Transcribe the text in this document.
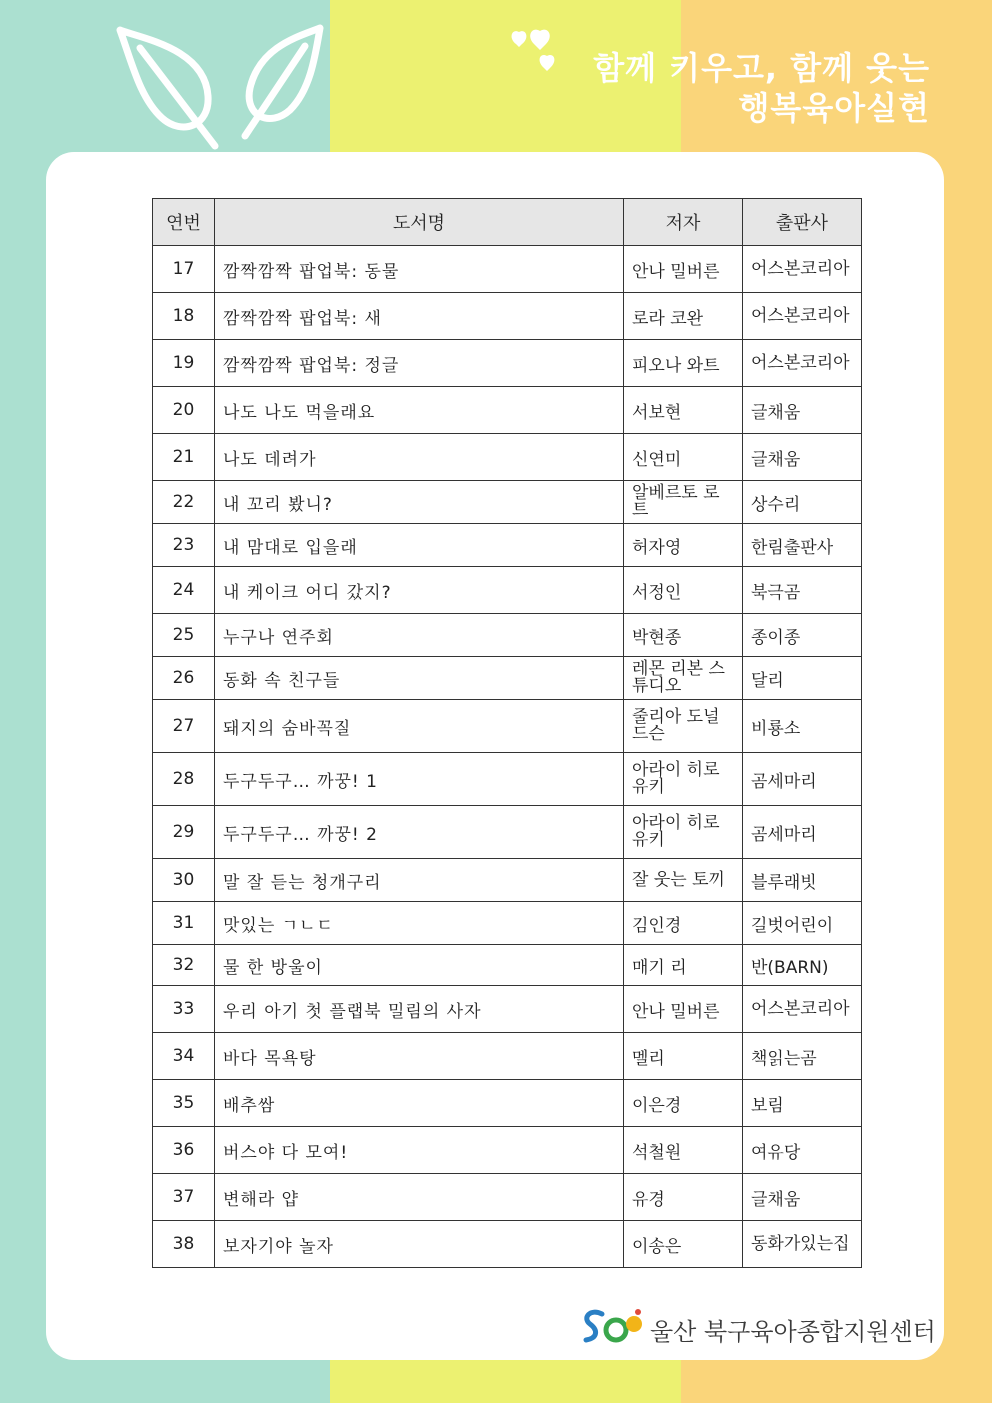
함께 키우고, 함께 웃는
행복육아실현
연번	도서명	저자	출판사
17	깜짝깜짝 팝업북: 동물	안나 밀버른	어스본코리아
18	깜짝깜짝 팝업북: 새	로라 코완	어스본코리아
19	깜짝깜짝 팝업북: 정글	피오나 와트	어스본코리아
20	나도 나도 먹을래요	서보현	글채움
21	나도 데려가	신연미	글채움
22	내 꼬리 봤니?	알베르토 로트	상수리
23	내 맘대로 입을래	허자영	한림출판사
24	내 케이크 어디 갔지?	서정인	북극곰
25	누구나 연주회	박현종	종이종
26	동화 속 친구들	레몬 리본 스튜디오	달리
27	돼지의 숨바꼭질	줄리아 도널드슨	비룡소
28	두구두구… 까꿍! 1	아라이 히로유키	곰세마리
29	두구두구… 까꿍! 2	아라이 히로유키	곰세마리
30	말 잘 듣는 청개구리	잘 웃는 토끼	블루래빗
31	맛있는 ㄱㄴㄷ	김인경	길벗어린이
32	물 한 방울이	매기 리	반(BARN)
33	우리 아기 첫 플랩북 밀림의 사자	안나 밀버른	어스본코리아
34	바다 목욕탕	멜리	책읽는곰
35	배추쌈	이은경	보림
36	버스야 다 모여!	석철원	여유당
37	변해라 얍	유경	글채움
38	보자기야 놀자	이송은	동화가있는집
울산 북구육아종합지원센터
